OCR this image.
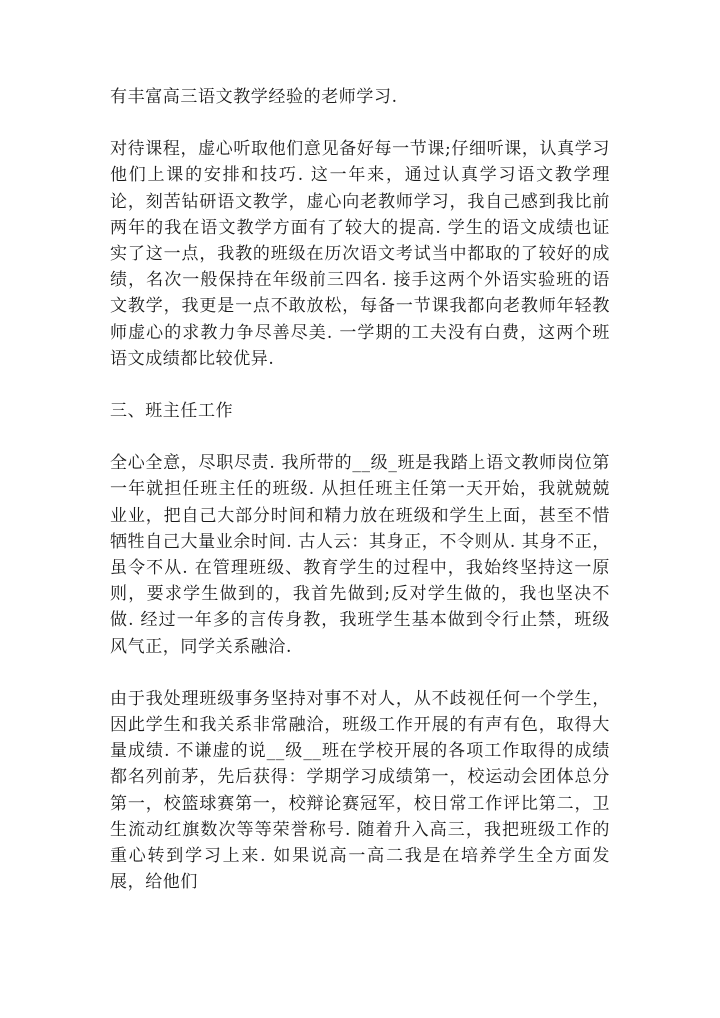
有丰富高三语文教学经验的老师学习.

对待课程，虚心听取他们意见备好每一节课;仔细听课，认真学习他们上课的安排和技巧. 这一年来，通过认真学习语文教学理论，刻苦钻研语文教学，虚心向老教师学习，我自己感到我比前两年的我在语文教学方面有了较大的提高. 学生的语文成绩也证实了这一点，我教的班级在历次语文考试当中都取的了较好的成绩，名次一般保持在年级前三四名. 接手这两个外语实验班的语文教学，我更是一点不敢放松，每备一节课我都向老教师年轻教师虚心的求教力争尽善尽美. 一学期的工夫没有白费，这两个班语文成绩都比较优异.

三、班主任工作

全心全意，尽职尽责. 我所带的__级_班是我踏上语文教师岗位第一年就担任班主任的班级. 从担任班主任第一天开始，我就兢兢业业，把自己大部分时间和精力放在班级和学生上面，甚至不惜牺牲自己大量业余时间. 古人云：其身正，不令则从. 其身不正，虽令不从. 在管理班级、教育学生的过程中，我始终坚持这一原则，要求学生做到的，我首先做到;反对学生做的，我也坚决不做. 经过一年多的言传身教，我班学生基本做到令行止禁，班级风气正，同学关系融洽.

由于我处理班级事务坚持对事不对人，从不歧视任何一个学生，因此学生和我关系非常融洽，班级工作开展的有声有色，取得大量成绩. 不谦虚的说__级__班在学校开展的各项工作取得的成绩都名列前茅，先后获得：学期学习成绩第一，校运动会团体总分第一，校篮球赛第一，校辩论赛冠军，校日常工作评比第二，卫生流动红旗数次等等荣誉称号. 随着升入高三，我把班级工作的重心转到学习上来. 如果说高一高二我是在培养学生全方面发展，给他们
